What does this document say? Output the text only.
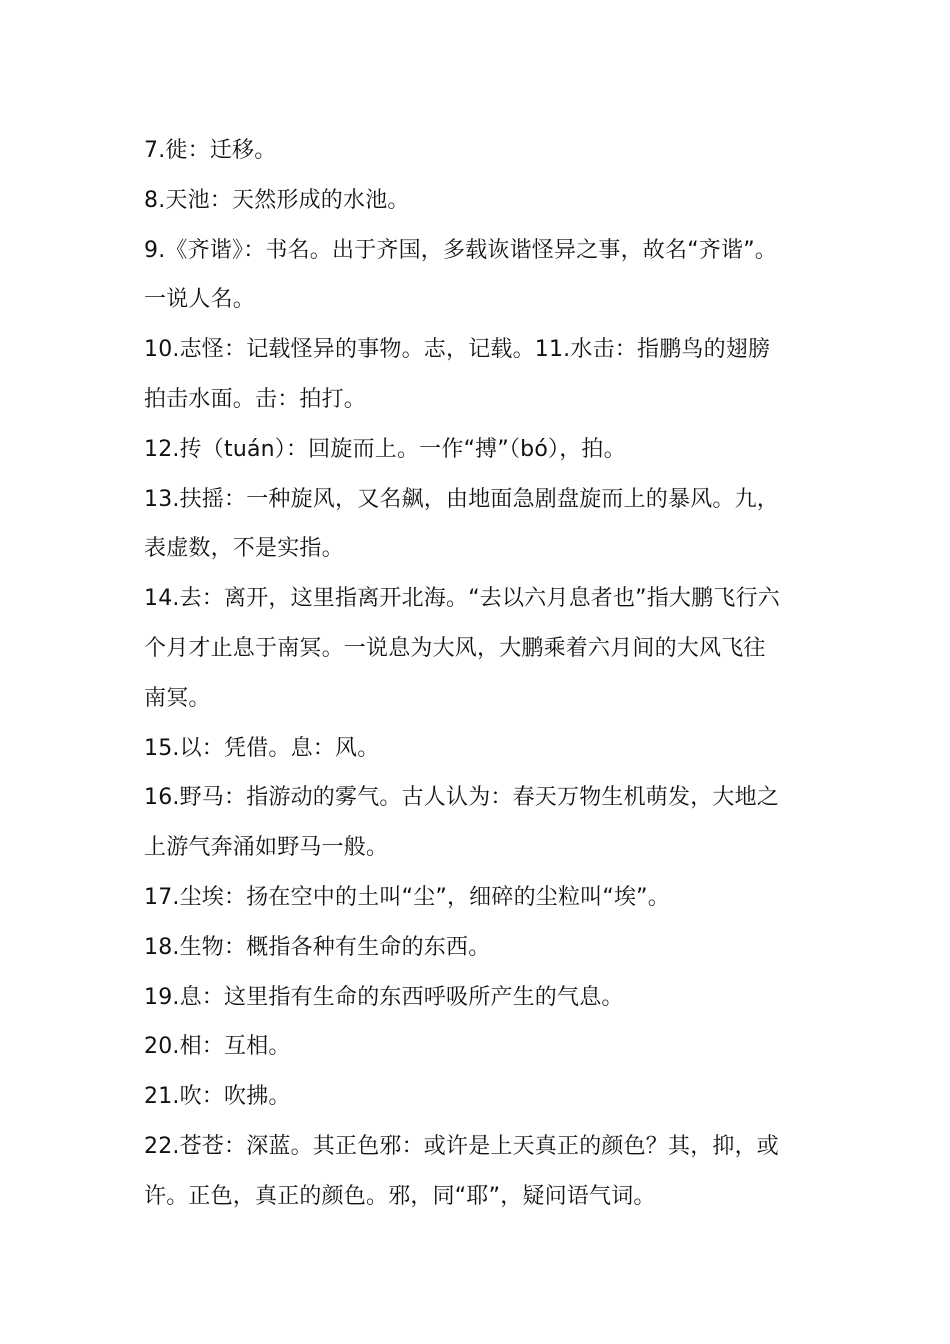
7.徙：迁移。

8.天池：天然形成的水池。

9.《齐谐》：书名。出于齐国，多载诙谐怪异之事，故名“齐谐”。

一说人名。

10.志怪：记载怪异的事物。志，记载。11.水击：指鹏鸟的翅膀

拍击水面。击：拍打。

12.抟（tuán）：回旋而上。一作“搏”（bó），拍。

13.扶摇：一种旋风，又名飙，由地面急剧盘旋而上的暴风。九，

表虚数，不是实指。

14.去：离开，这里指离开北海。“去以六月息者也”指大鹏飞行六

个月才止息于南冥。一说息为大风，大鹏乘着六月间的大风飞往

南冥。

15.以：凭借。息：风。

16.野马：指游动的雾气。古人认为：春天万物生机萌发，大地之

上游气奔涌如野马一般。

17.尘埃：扬在空中的土叫“尘”，细碎的尘粒叫“埃”。

18.生物：概指各种有生命的东西。

19.息：这里指有生命的东西呼吸所产生的气息。

20.相：互相。

21.吹：吹拂。

22.苍苍：深蓝。其正色邪：或许是上天真正的颜色？其，抑，或

许。正色，真正的颜色。邪，同“耶”，疑问语气词。
